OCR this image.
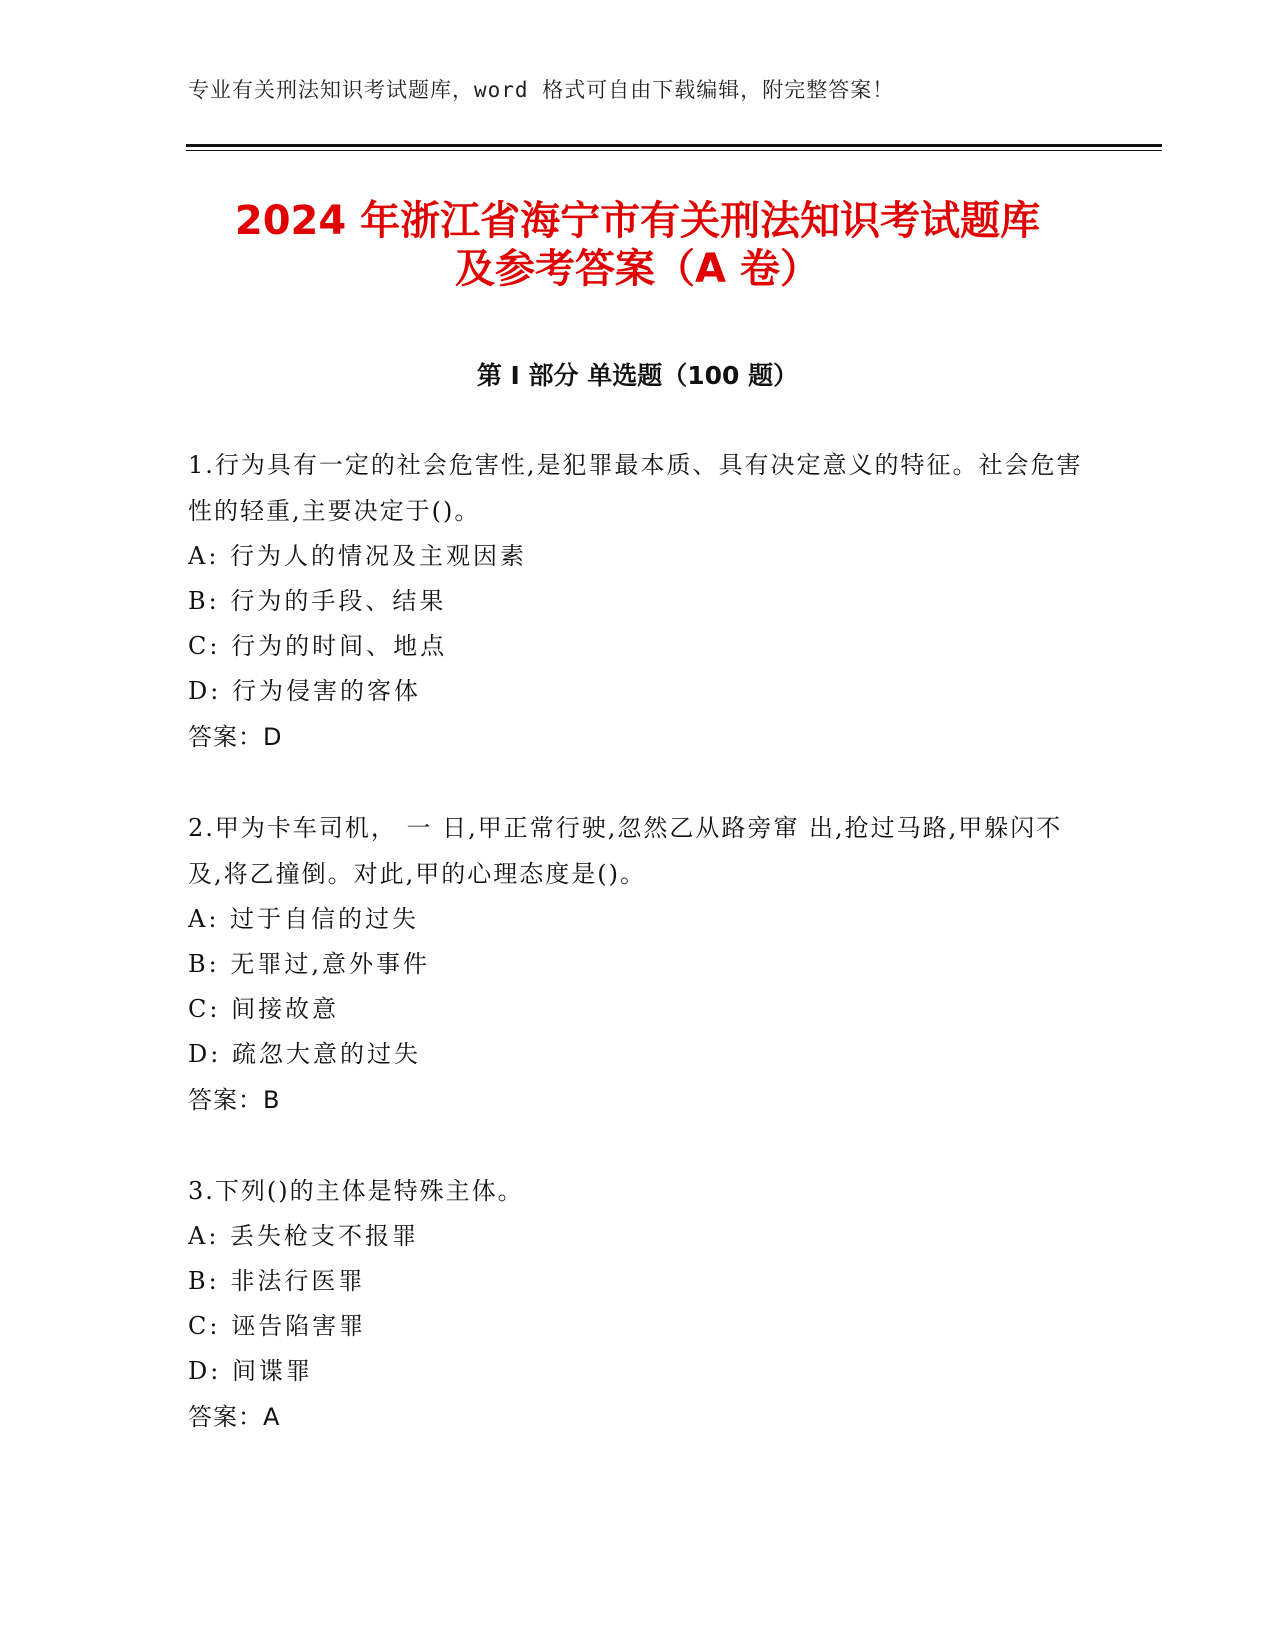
专业有关刑法知识考试题库，word 格式可自由下载编辑，附完整答案！
2024 年浙江省海宁市有关刑法知识考试题库
及参考答案（A 卷）
第 I 部分 单选题（100 题）
1.行为具有一定的社会危害性,是犯罪最本质、具有决定意义的特征。社会危害性的轻重,主要决定于()。
A: 行为人的情况及主观因素
B: 行为的手段、结果
C: 行为的时间、地点
D: 行为侵害的客体
答案：D
2.甲为卡车司机， 一 日,甲正常行驶,忽然乙从路旁窜 出,抢过马路,甲躲闪不及,将乙撞倒。对此,甲的心理态度是()。
A: 过于自信的过失
B: 无罪过,意外事件
C: 间接故意
D: 疏忽大意的过失
答案：B
3.下列()的主体是特殊主体。
A: 丢失枪支不报罪
B: 非法行医罪
C: 诬告陷害罪
D: 间谍罪
答案：A
